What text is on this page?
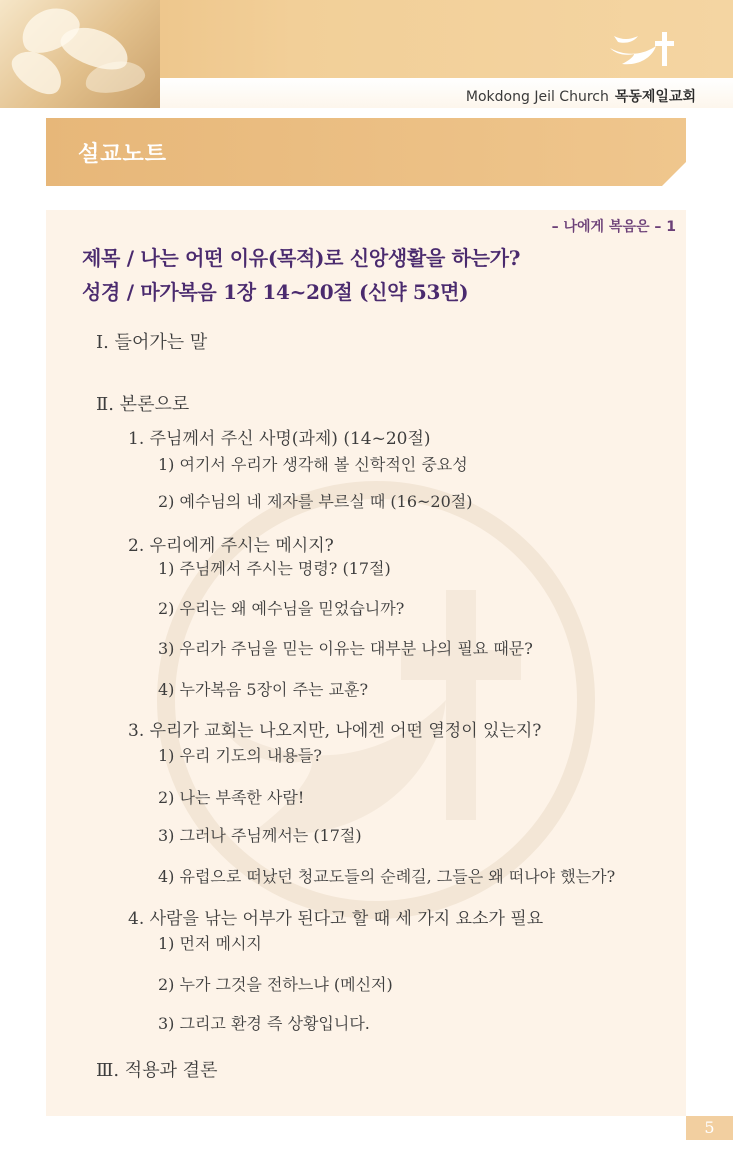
Mokdong Jeil Church 목동제일교회
설교노트
– 나에게 복음은 – 1
제목 / 나는 어떤 이유(목적)로 신앙생활을 하는가?
성경 / 마가복음 1장 14~20절 (신약 53면)
Ⅰ. 들어가는 말
Ⅱ. 본론으로
1. 주님께서 주신 사명(과제) (14~20절)
1) 여기서 우리가 생각해 볼 신학적인 중요성
2) 예수님의 네 제자를 부르실 때 (16~20절)
2. 우리에게 주시는 메시지?
1) 주님께서 주시는 명령? (17절)
2) 우리는 왜 예수님을 믿었습니까?
3) 우리가 주님을 믿는 이유는 대부분 나의 필요 때문?
4) 누가복음 5장이 주는 교훈?
3. 우리가 교회는 나오지만, 나에겐 어떤 열정이 있는지?
1) 우리 기도의 내용들?
2) 나는 부족한 사람!
3) 그러나 주님께서는 (17절)
4) 유럽으로 떠났던 청교도들의 순례길, 그들은 왜 떠나야 했는가?
4. 사람을 낚는 어부가 된다고 할 때 세 가지 요소가 필요
1) 먼저 메시지
2) 누가 그것을 전하느냐 (메신저)
3) 그리고 환경 즉 상황입니다.
Ⅲ. 적용과 결론
5
